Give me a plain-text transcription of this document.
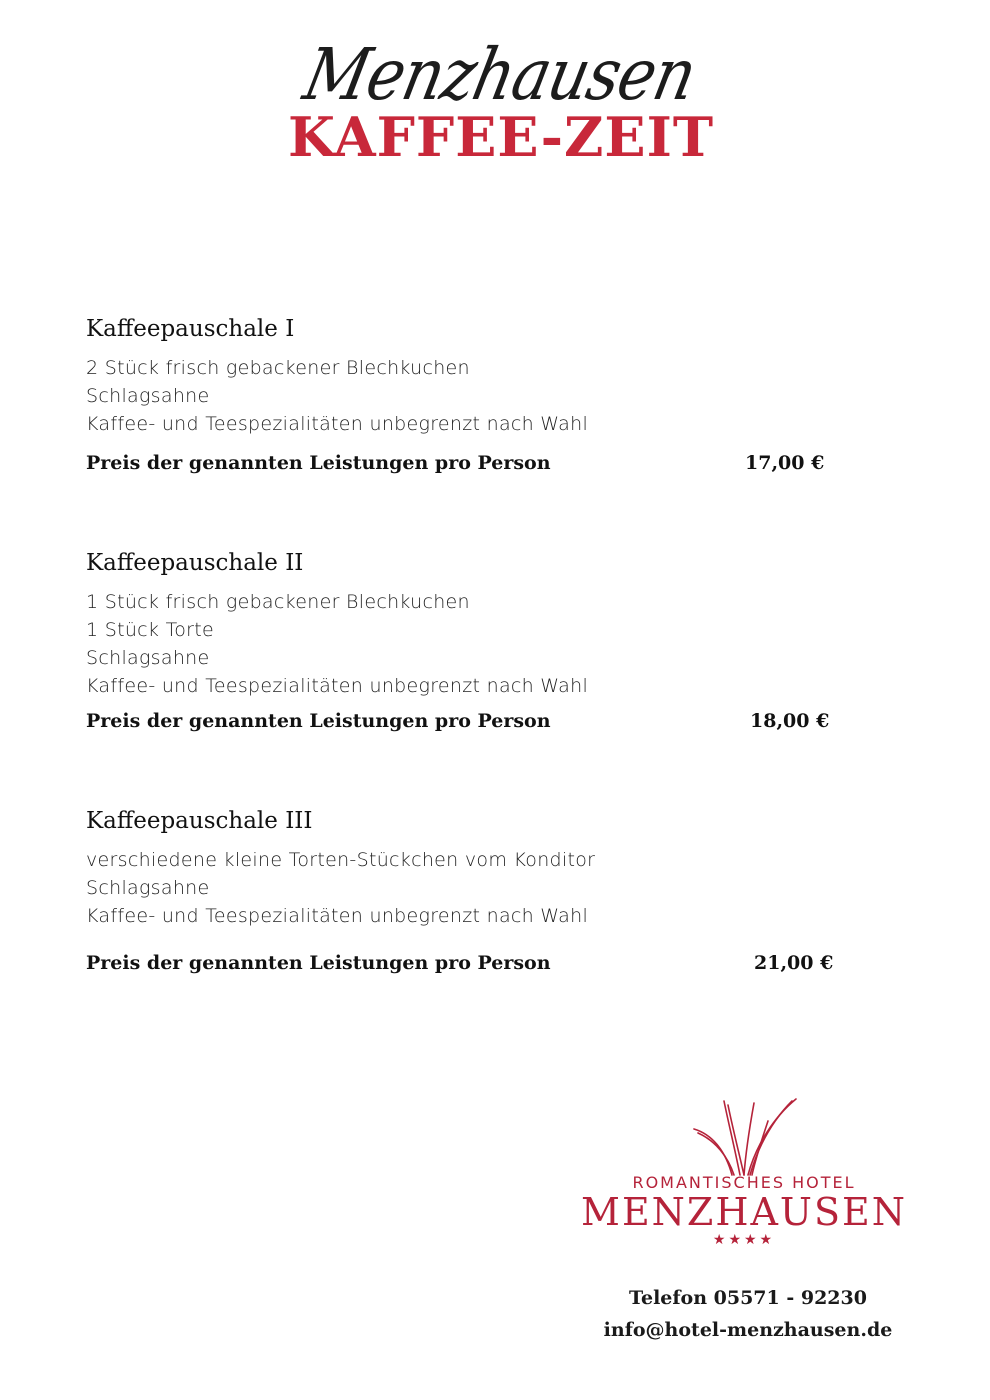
Menzhausen
KAFFEE-ZEIT
Kaffeepauschale I
2 Stück frisch gebackener Blechkuchen
Schlagsahne
Kaffee- und Teespezialitäten unbegrenzt nach Wahl
Preis der genannten Leistungen pro Person	17,00 €
Kaffeepauschale II
1 Stück frisch gebackener Blechkuchen
1 Stück Torte
Schlagsahne
Kaffee- und Teespezialitäten unbegrenzt nach Wahl
Preis der genannten Leistungen pro Person	18,00 €
Kaffeepauschale III
verschiedene kleine Torten-Stückchen vom Konditor
Schlagsahne
Kaffee- und Teespezialitäten unbegrenzt nach Wahl
Preis der genannten Leistungen pro Person	21,00 €
ROMANTISCHES HOTEL
MENZHAUSEN
★★★★
Telefon 05571 - 92230
info@hotel-menzhausen.de
